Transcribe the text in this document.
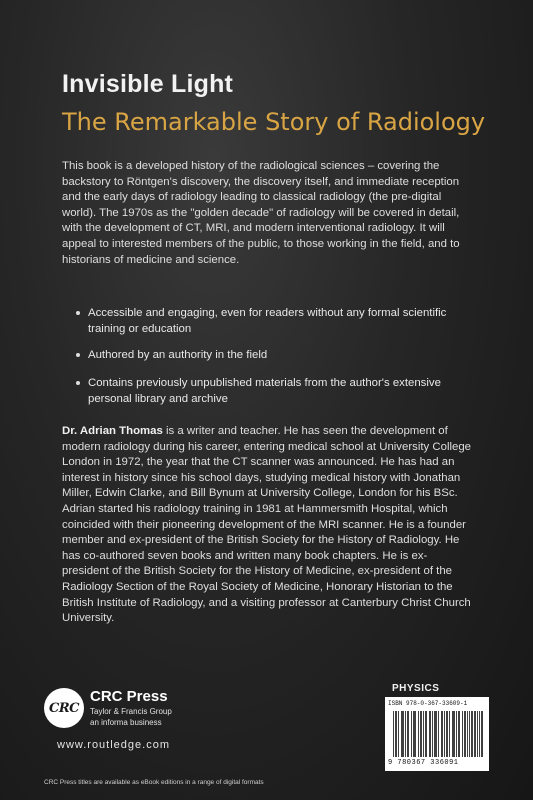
Invisible Light
The Remarkable Story of Radiology

This book is a developed history of the radiological sciences – covering the backstory to Röntgen's discovery, the discovery itself, and immediate reception and the early days of radiology leading to classical radiology (the pre-digital world). The 1970s as the "golden decade" of radiology will be covered in detail, with the development of CT, MRI, and modern interventional radiology. It will appeal to interested members of the public, to those working in the field, and to historians of medicine and science.

Accessible and engaging, even for readers without any formal scientific training or education
Authored by an authority in the field
Contains previously unpublished materials from the author's extensive personal library and archive
Dr. Adrian Thomas is a writer and teacher. He has seen the development of modern radiology during his career, entering medical school at University College London in 1972, the year that the CT scanner was announced. He has had an interest in history since his school days, studying medical history with Jonathan Miller, Edwin Clarke, and Bill Bynum at University College, London for his BSc. Adrian started his radiology training in 1981 at Hammersmith Hospital, which coincided with their pioneering development of the MRI scanner. He is a founder member and ex-president of the British Society for the History of Radiology. He has co-authored seven books and written many book chapters. He is ex-president of the British Society for the History of Medicine, ex-president of the Radiology Section of the Royal Society of Medicine, Honorary Historian to the British Institute of Radiology, and a visiting professor at Canterbury Christ Church University.
CRC
CRC Press
Taylor & Francis Group
an informa business
www.routledge.com
CRC Press titles are available as eBook editions in a range of digital formats
PHYSICS
ISBN 978-0-367-33609-1
9 780367 336091
